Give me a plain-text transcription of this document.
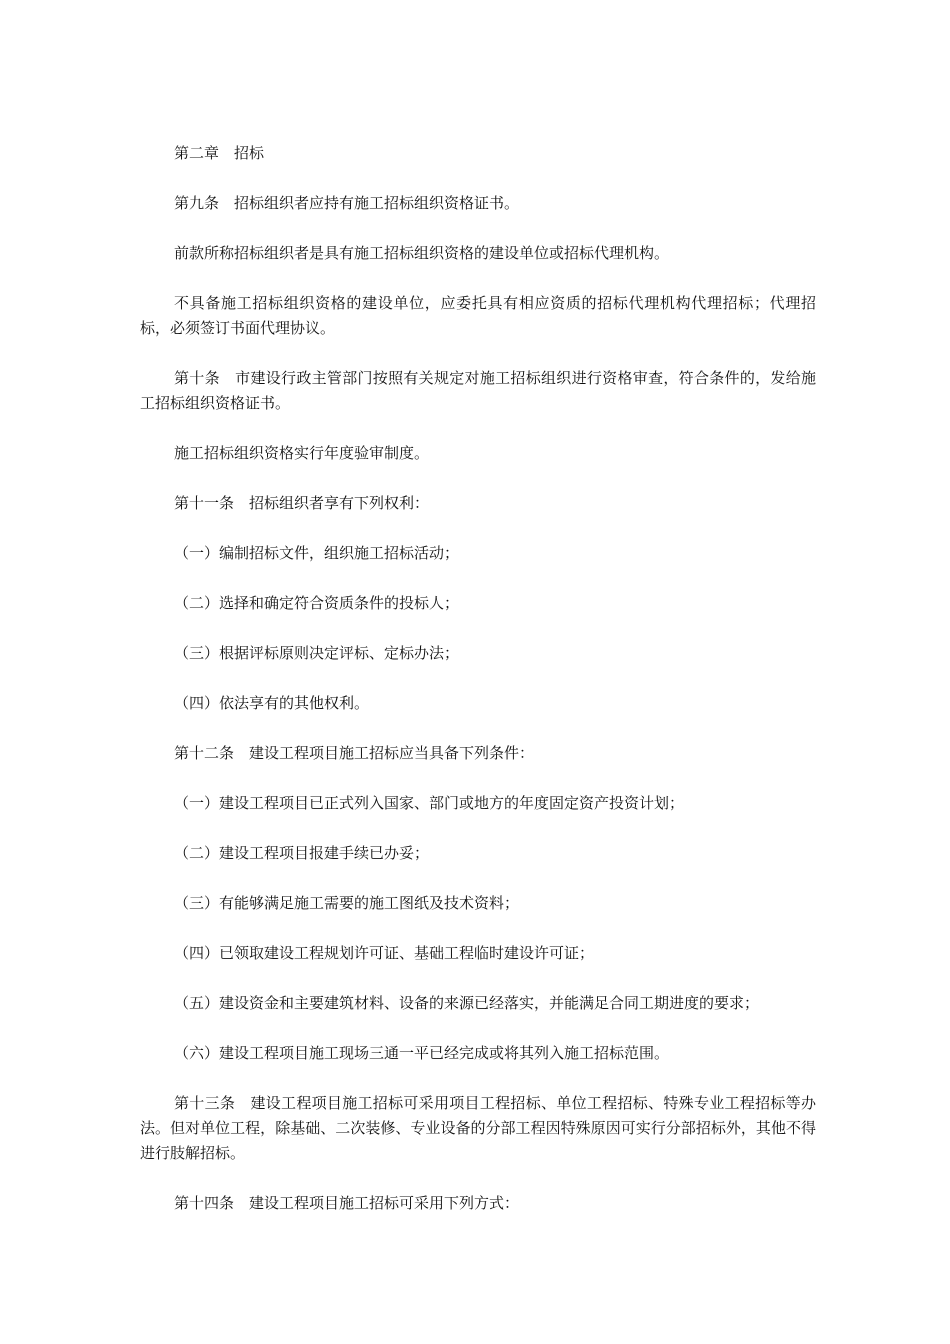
第二章　招标

第九条　招标组织者应持有施工招标组织资格证书。

前款所称招标组织者是具有施工招标组织资格的建设单位或招标代理机构。

不具备施工招标组织资格的建设单位，应委托具有相应资质的招标代理机构代理招标；代理招标，必须签订书面代理协议。

第十条　市建设行政主管部门按照有关规定对施工招标组织进行资格审查，符合条件的，发给施工招标组织资格证书。

施工招标组织资格实行年度验审制度。

第十一条　招标组织者享有下列权利：

（一）编制招标文件，组织施工招标活动；

（二）选择和确定符合资质条件的投标人；

（三）根据评标原则决定评标、定标办法；

（四）依法享有的其他权利。

第十二条　建设工程项目施工招标应当具备下列条件：

（一）建设工程项目已正式列入国家、部门或地方的年度固定资产投资计划；

（二）建设工程项目报建手续已办妥；

（三）有能够满足施工需要的施工图纸及技术资料；

（四）已领取建设工程规划许可证、基础工程临时建设许可证；

（五）建设资金和主要建筑材料、设备的来源已经落实，并能满足合同工期进度的要求；

（六）建设工程项目施工现场三通一平已经完成或将其列入施工招标范围。

第十三条　建设工程项目施工招标可采用项目工程招标、单位工程招标、特殊专业工程招标等办法。但对单位工程，除基础、二次装修、专业设备的分部工程因特殊原因可实行分部招标外，其他不得进行肢解招标。

第十四条　建设工程项目施工招标可采用下列方式：
